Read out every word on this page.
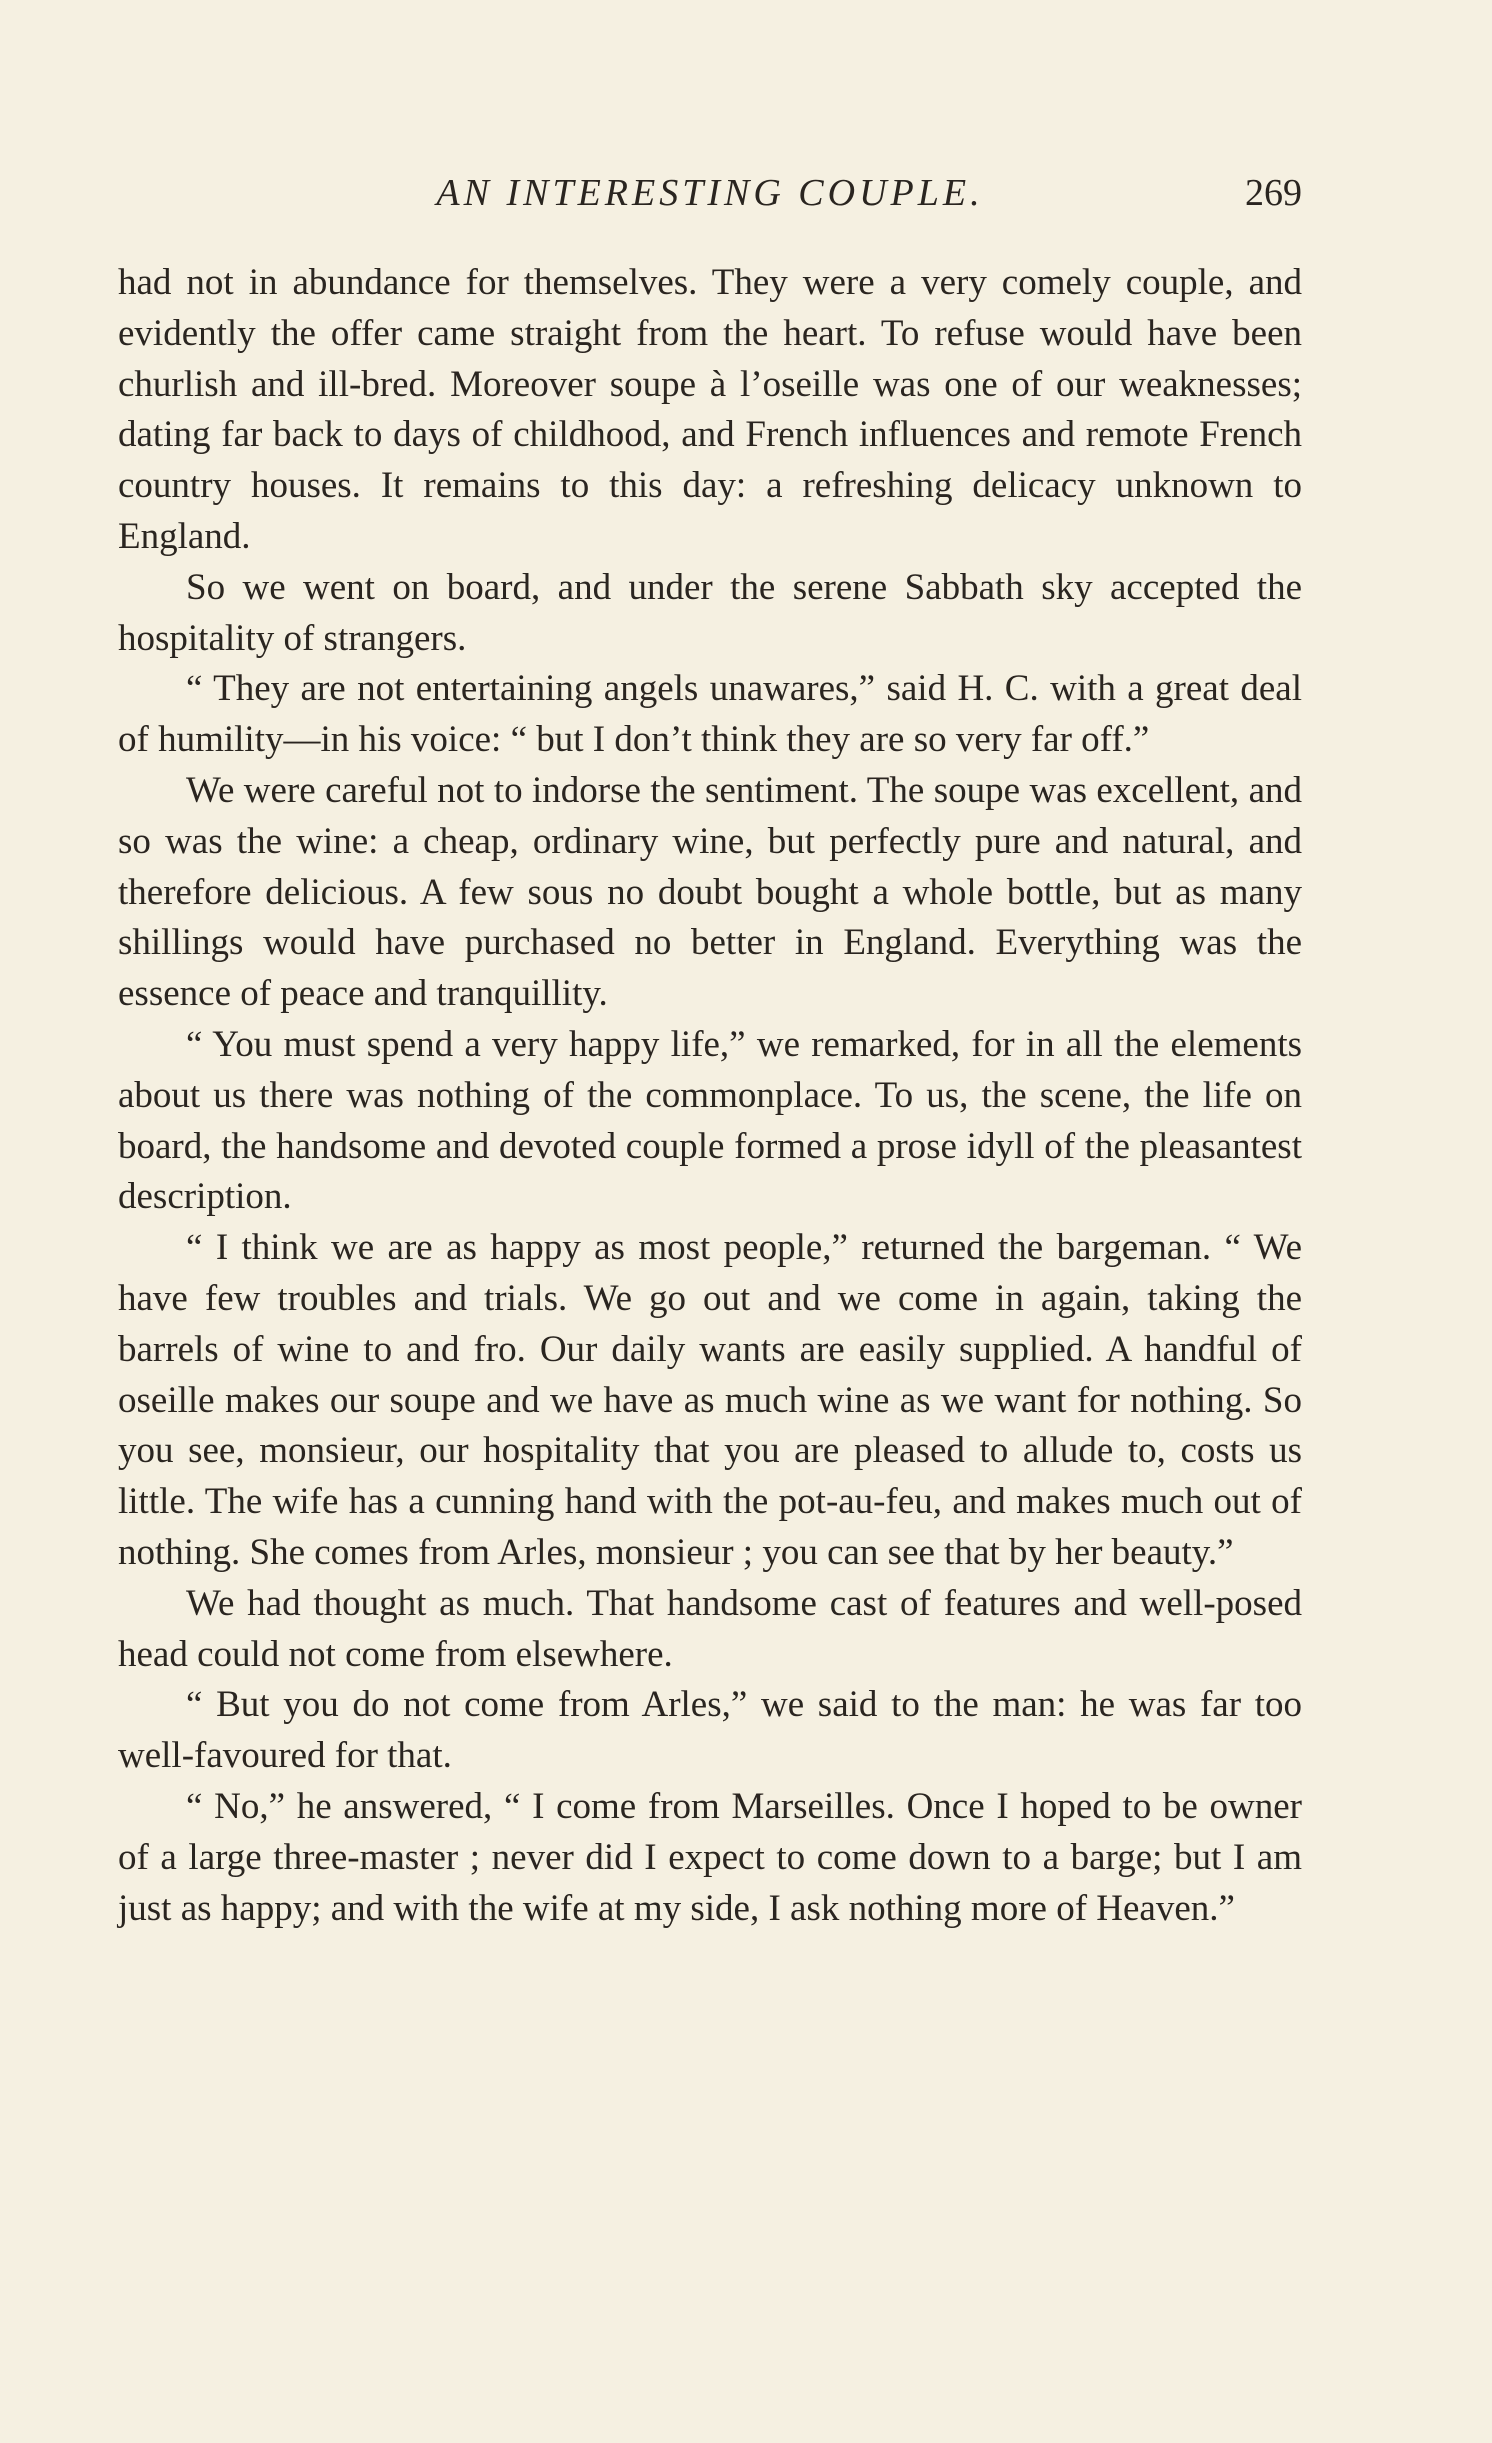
AN INTERESTING COUPLE.	269

had not in abundance for themselves. They were a very comely couple, and evidently the offer came straight from the heart. To refuse would have been churlish and ill-bred. Moreover soupe à l’oseille was one of our weaknesses; dating far back to days of childhood, and French influences and remote French country houses. It remains to this day: a refreshing delicacy unknown to England.

So we went on board, and under the serene Sabbath sky accepted the hospitality of strangers.

“ They are not entertaining angels unawares,” said H. C. with a great deal of humility—in his voice: “ but I don’t think they are so very far off.”

We were careful not to indorse the sentiment. The soupe was excellent, and so was the wine: a cheap, ordinary wine, but perfectly pure and natural, and therefore delicious. A few sous no doubt bought a whole bottle, but as many shillings would have purchased no better in England. Everything was the essence of peace and tranquillity.

“ You must spend a very happy life,” we remarked, for in all the elements about us there was nothing of the commonplace. To us, the scene, the life on board, the handsome and devoted couple formed a prose idyll of the pleasantest description.

“ I think we are as happy as most people,” returned the bargeman. “ We have few troubles and trials. We go out and we come in again, taking the barrels of wine to and fro. Our daily wants are easily supplied. A handful of oseille makes our soupe and we have as much wine as we want for nothing. So you see, monsieur, our hospitality that you are pleased to allude to, costs us little. The wife has a cunning hand with the pot-au-feu, and makes much out of nothing. She comes from Arles, monsieur ; you can see that by her beauty.”

We had thought as much. That handsome cast of features and well-posed head could not come from elsewhere.

“ But you do not come from Arles,” we said to the man: he was far too well-favoured for that.

“ No,” he answered, “ I come from Marseilles. Once I hoped to be owner of a large three-master ; never did I expect to come down to a barge; but I am just as happy; and with the wife at my side, I ask nothing more of Heaven.”
